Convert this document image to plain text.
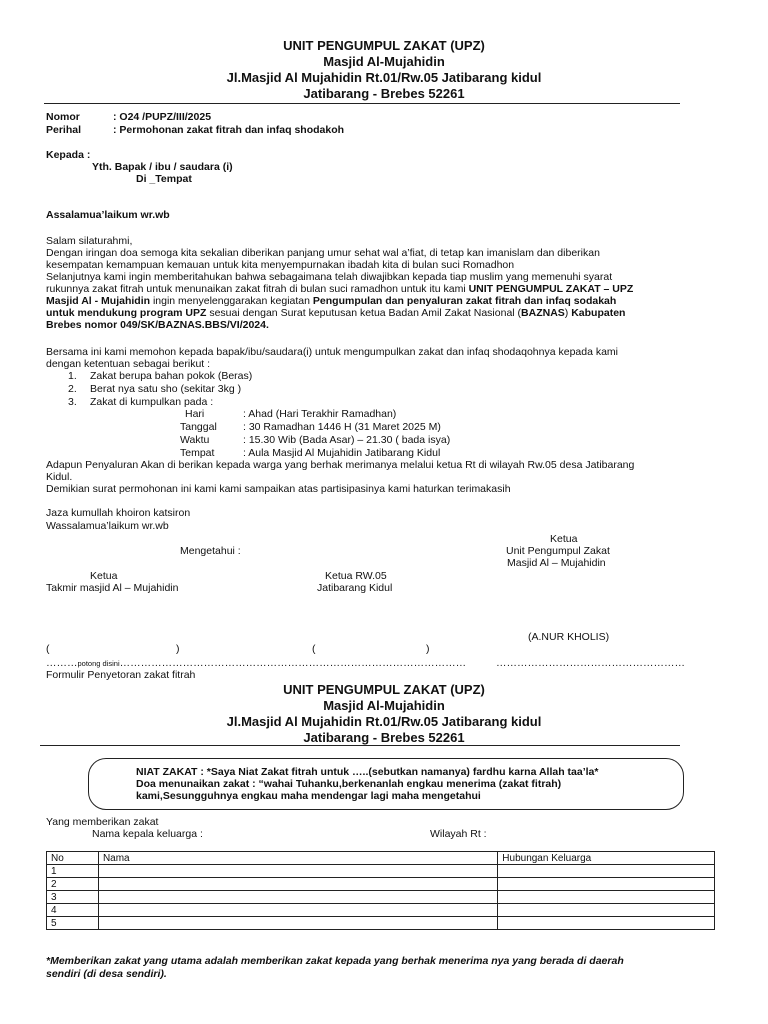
UNIT PENGUMPUL ZAKAT (UPZ)
Masjid Al-Mujahidin
Jl.Masjid Al Mujahidin Rt.01/Rw.05 Jatibarang kidul
Jatibarang - Brebes 52261
Nomor	: O24 /PUPZ/III/2025
Perihal	: Permohonan zakat fitrah dan infaq shodakoh
Kepada :
Yth. Bapak / ibu / saudara (i)
Di _Tempat
Assalamua’laikum wr.wb
Salam silaturahmi,
Dengan iringan doa semoga kita sekalian diberikan panjang umur sehat wal a’fiat, di tetap kan imanislam dan diberikan
kesempatan kemampuan kemauan untuk kita menyempurnakan ibadah kita di bulan suci Romadhon
Selanjutnya kami ingin memberitahukan bahwa sebagaimana telah diwajibkan kepada tiap muslim yang memenuhi syarat
rukunnya zakat fitrah untuk menunaikan zakat fitrah di bulan suci ramadhon untuk itu kami UNIT PENGUMPUL ZAKAT – UPZ
Masjid Al - Mujahidin ingin menyelenggarakan kegiatan Pengumpulan dan penyaluran zakat fitrah dan infaq sodakah
untuk mendukung program UPZ sesuai dengan Surat keputusan ketua Badan Amil Zakat Nasional (BAZNAS) Kabupaten
Brebes nomor 049/SK/BAZNAS.BBS/VI/2024.
Bersama ini kami memohon kepada bapak/ibu/saudara(i) untuk mengumpulkan zakat dan infaq shodaqohnya kepada kami
dengan ketentuan sebagai berikut :
1. Zakat berupa bahan pokok (Beras)
2. Berat nya satu sho (sekitar 3kg )
3. Zakat di kumpulkan pada :
Hari	: Ahad (Hari Terakhir Ramadhan)
Tanggal : 30 Ramadhan 1446 H (31 Maret 2025 M)
Waktu	: 15.30 Wib (Bada Asar) – 21.30 ( bada isya)
Tempat	: Aula Masjid Al Mujahidin Jatibarang Kidul
Adapun Penyaluran Akan di berikan kepada warga yang berhak merimanya melalui ketua Rt di wilayah Rw.05 desa Jatibarang
Kidul.
Demikian surat permohonan ini kami kami sampaikan atas partisipasinya kami haturkan terimakasih
Jaza kumullah khoiron katsiron
Wassalamua’laikum wr.wb
Ketua
Mengetahui :	Unit Pengumpul Zakat
Masjid Al – Mujahidin
Ketua	Ketua RW.05
Takmir masjid Al – Mujahidin	Jatibarang Kidul
(A.NUR KHOLIS)
(	)	(	)
………potong disini………………………………………………………………………………………	………………………………………………
Formulir Penyetoran zakat fitrah
UNIT PENGUMPUL ZAKAT (UPZ)
Masjid Al-Mujahidin
Jl.Masjid Al Mujahidin Rt.01/Rw.05 Jatibarang kidul
Jatibarang - Brebes 52261
NIAT ZAKAT : *Saya Niat Zakat fitrah untuk …..(sebutkan namanya) fardhu karna Allah taa’la*
Doa menunaikan zakat : “wahai Tuhanku,berkenanlah engkau menerima (zakat fitrah)
kami,Sesungguhnya engkau maha mendengar lagi maha mengetahui
Yang memberikan zakat
Nama kepala keluarga :	Wilayah Rt :
No	Nama	Hubungan Keluarga
1		
2		
3		
4		
5		
*Memberikan zakat yang utama adalah memberikan zakat kepada yang berhak menerima nya yang berada di daerah
sendiri (di desa sendiri).
